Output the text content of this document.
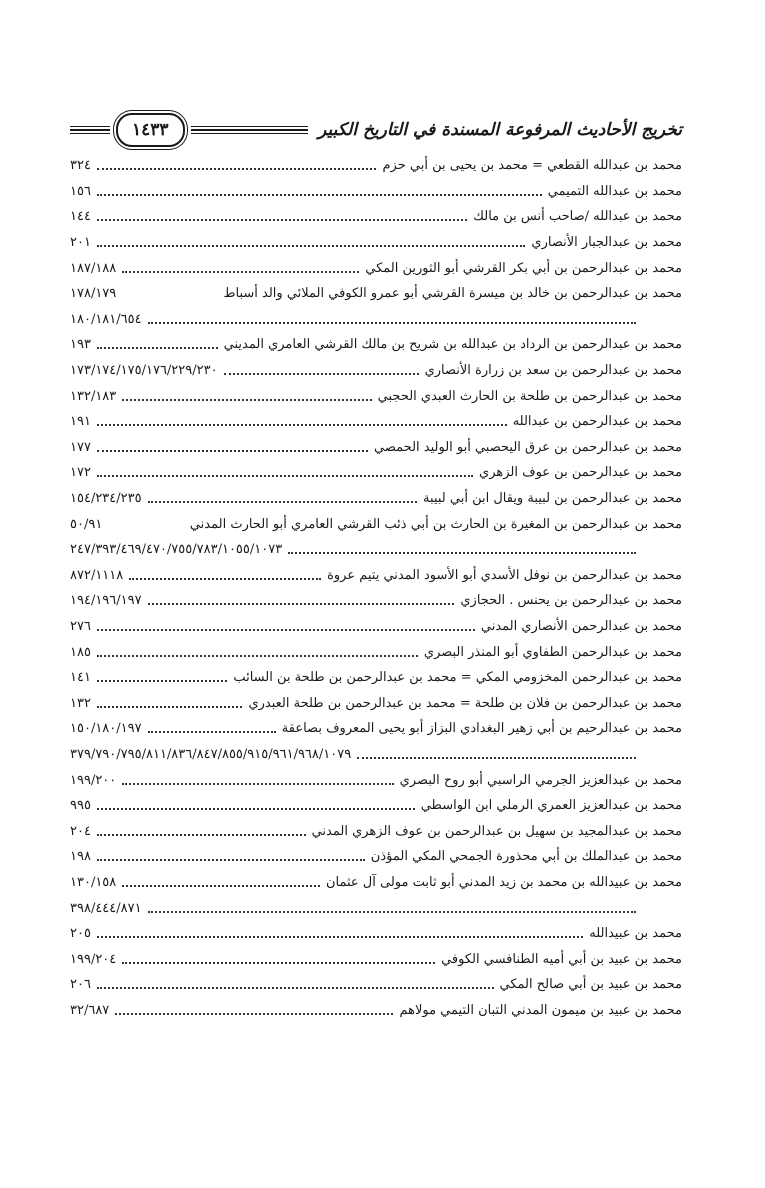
تخريج الأحاديث المرفوعة المسندة في التاريخ الكبير
١٤٣٣
محمد بن عبدالله القطعي = محمد بن يحيى بن أبي حزم
٣٢٤
محمد بن عبدالله التميمي
١٥٦
محمد بن عبدالله /صاحب أنس بن مالك
١٤٤
محمد بن عبدالجبار الأنصاري
٢٠١
محمد بن عبدالرحمن بن أبي بكر القرشي أبو الثورين المكي
١٨٧/١٨٨
محمد بن عبدالرحمن بن خالد بن ميسرة القرشي أبو عمرو الكوفي الملائي والد أسباط
١٧٨/١٧٩
١٨٠/١٨١/٦٥٤
محمد بن عبدالرحمن بن الرداد بن عبدالله بن شريح بن مالك القرشي العامري المديني
١٩٣
محمد بن عبدالرحمن بن سعد بن زرارة الأنصاري
١٧٣/١٧٤/١٧٥/١٧٦/٢٢٩/٢٣٠
محمد بن عبدالرحمن بن طلحة بن الحارث العبدي الحجبي
١٣٢/١٨٣
محمد بن عبدالرحمن بن عبدالله
١٩١
محمد بن عبدالرحمن بن عرق اليحصبي أبو الوليد الحمصي
١٧٧
محمد بن عبدالرحمن بن عوف الزهري
١٧٢
محمد بن عبدالرحمن بن لبيبة ويقال ابن أبي لبيبة
١٥٤/٢٣٤/٢٣٥
محمد بن عبدالرحمن بن المغيرة بن الحارث بن أبي ذئب القرشي العامري أبو الحارث المدني
٥٠/٩١
٢٤٧/٣٩٣/٤٦٩/٤٧٠/٧٥٥/٧٨٣/١٠٥٥/١٠٧٣
محمد بن عبدالرحمن بن نوفل الأسدي أبو الأسود المدني يتيم عروة
٨٧٢/١١١٨
محمد بن عبدالرحمن بن يحنس . الحجازي
١٩٤/١٩٦/١٩٧
محمد بن عبدالرحمن الأنصاري المدني
٢٧٦
محمد بن عبدالرحمن الطفاوي أبو المنذر البصري
١٨٥
محمد بن عبدالرحمن المخزومي المكي = محمد بن عبدالرحمن بن طلحة بن السائب
١٤١
محمد بن عبدالرحمن بن فلان بن طلحة = محمد بن عبدالرحمن بن طلحة العبدري
١٣٢
محمد بن عبدالرحيم بن أبي زهير البغدادي البزاز أبو يحيى المعروف بصاعقة
١٥٠/١٨٠/١٩٧
٣٧٩/٧٩٠/٧٩٥/٨١١/٨٣٦/٨٤٧/٨٥٥/٩١٥/٩٦١/٩٦٨/١٠٧٩
محمد بن عبدالعزيز الجرمي الراسبي أبو روح البصري
١٩٩/٢٠٠
محمد بن عبدالعزيز العمري الرملي ابن الواسطي
٩٩٥
محمد بن عبدالمجيد بن سهيل بن عبدالرحمن بن عوف الزهري المدني
٢٠٤
محمد بن عبدالملك بن أبي محذورة الجمحي المكي المؤذن
١٩٨
محمد بن عبيدالله بن محمد بن زيد المدني أبو ثابت مولى آل عثمان
١٣٠/١٥٨
٣٩٨/٤٤٤/٨٧١
محمد بن عبيدالله
٢٠٥
محمد بن عبيد بن أبي أميه الطنافسي الكوفي
١٩٩/٢٠٤
محمد بن عبيد بن أبي صالح المكي
٢٠٦
محمد بن عبيد بن ميمون المدني التبان التيمي مولاهم
٣٢/٦٨٧
